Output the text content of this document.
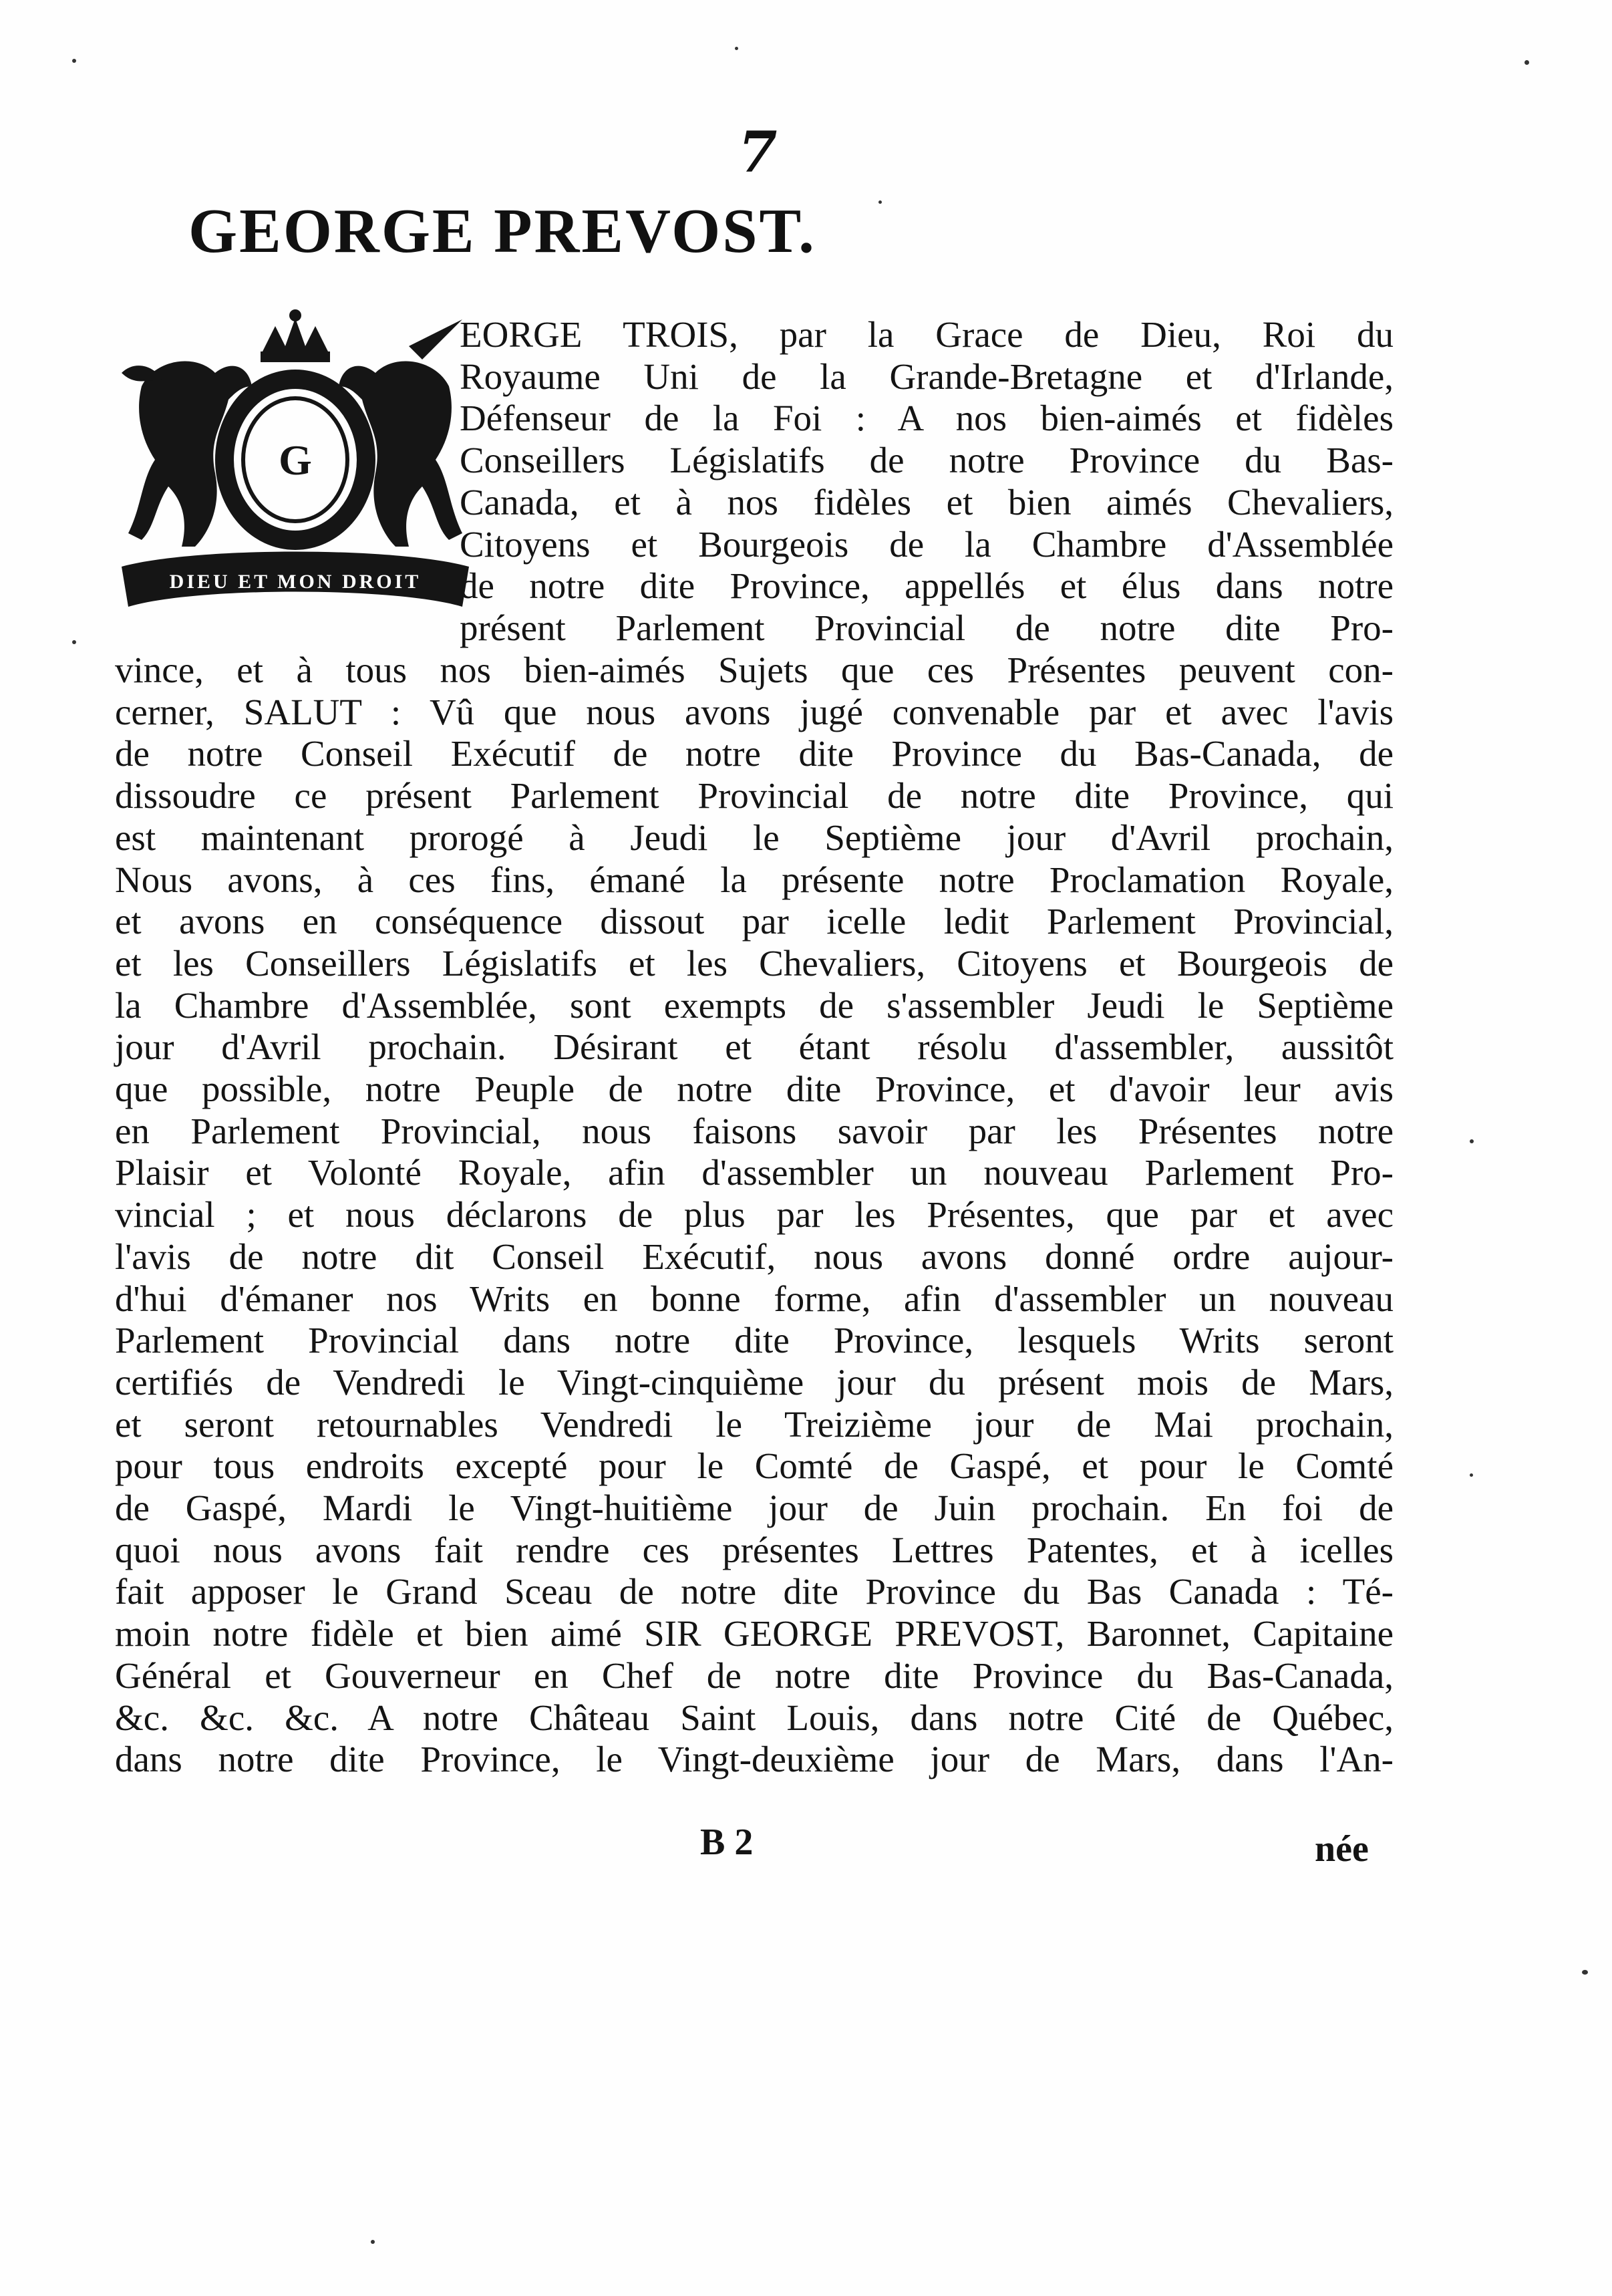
7
GEORGE PREVOST.
G
DIEU ET MON DROIT
EORGE TROIS, par la Grace de Dieu, Roi du
Royaume Uni de la Grande-Bretagne et d'Irlande,
Défenseur de la Foi : A nos bien-aimés et fidèles
Conseillers Législatifs de notre Province du Bas-
Canada, et à nos fidèles et bien aimés Chevaliers,
Citoyens et Bourgeois de la Chambre d'Assemblée
de notre dite Province, appellés et élus dans notre
présent Parlement Provincial de notre dite Pro-
vince, et à tous nos bien-aimés Sujets que ces Présentes peuvent con-
cerner, SALUT : Vû que nous avons jugé convenable par et avec l'avis
de notre Conseil Exécutif de notre dite Province du Bas-Canada, de
dissoudre ce présent Parlement Provincial de notre dite Province, qui
est maintenant prorogé à Jeudi le Septième jour d'Avril prochain,
Nous avons, à ces fins, émané la présente notre Proclamation Royale,
et avons en conséquence dissout par icelle ledit Parlement Provincial,
et les Conseillers Législatifs et les Chevaliers, Citoyens et Bourgeois de
la Chambre d'Assemblée, sont exempts de s'assembler Jeudi le Septième
jour d'Avril prochain. Désirant et étant résolu d'assembler, aussitôt
que possible, notre Peuple de notre dite Province, et d'avoir leur avis
en Parlement Provincial, nous faisons savoir par les Présentes notre
Plaisir et Volonté Royale, afin d'assembler un nouveau Parlement Pro-
vincial ; et nous déclarons de plus par les Présentes, que par et avec
l'avis de notre dit Conseil Exécutif, nous avons donné ordre aujour-
d'hui d'émaner nos Writs en bonne forme, afin d'assembler un nouveau
Parlement Provincial dans notre dite Province, lesquels Writs seront
certifiés de Vendredi le Vingt-cinquième jour du présent mois de Mars,
et seront retournables Vendredi le Treizième jour de Mai prochain,
pour tous endroits excepté pour le Comté de Gaspé, et pour le Comté
de Gaspé, Mardi le Vingt-huitième jour de Juin prochain. En foi de
quoi nous avons fait rendre ces présentes Lettres Patentes, et à icelles
fait apposer le Grand Sceau de notre dite Province du Bas Canada : Té-
moin notre fidèle et bien aimé SIR GEORGE PREVOST, Baronnet, Capitaine
Général et Gouverneur en Chef de notre dite Province du Bas-Canada,
&c. &c. &c. A notre Château Saint Louis, dans notre Cité de Québec,
dans notre dite Province, le Vingt-deuxième jour de Mars, dans l'An-
B 2	née
